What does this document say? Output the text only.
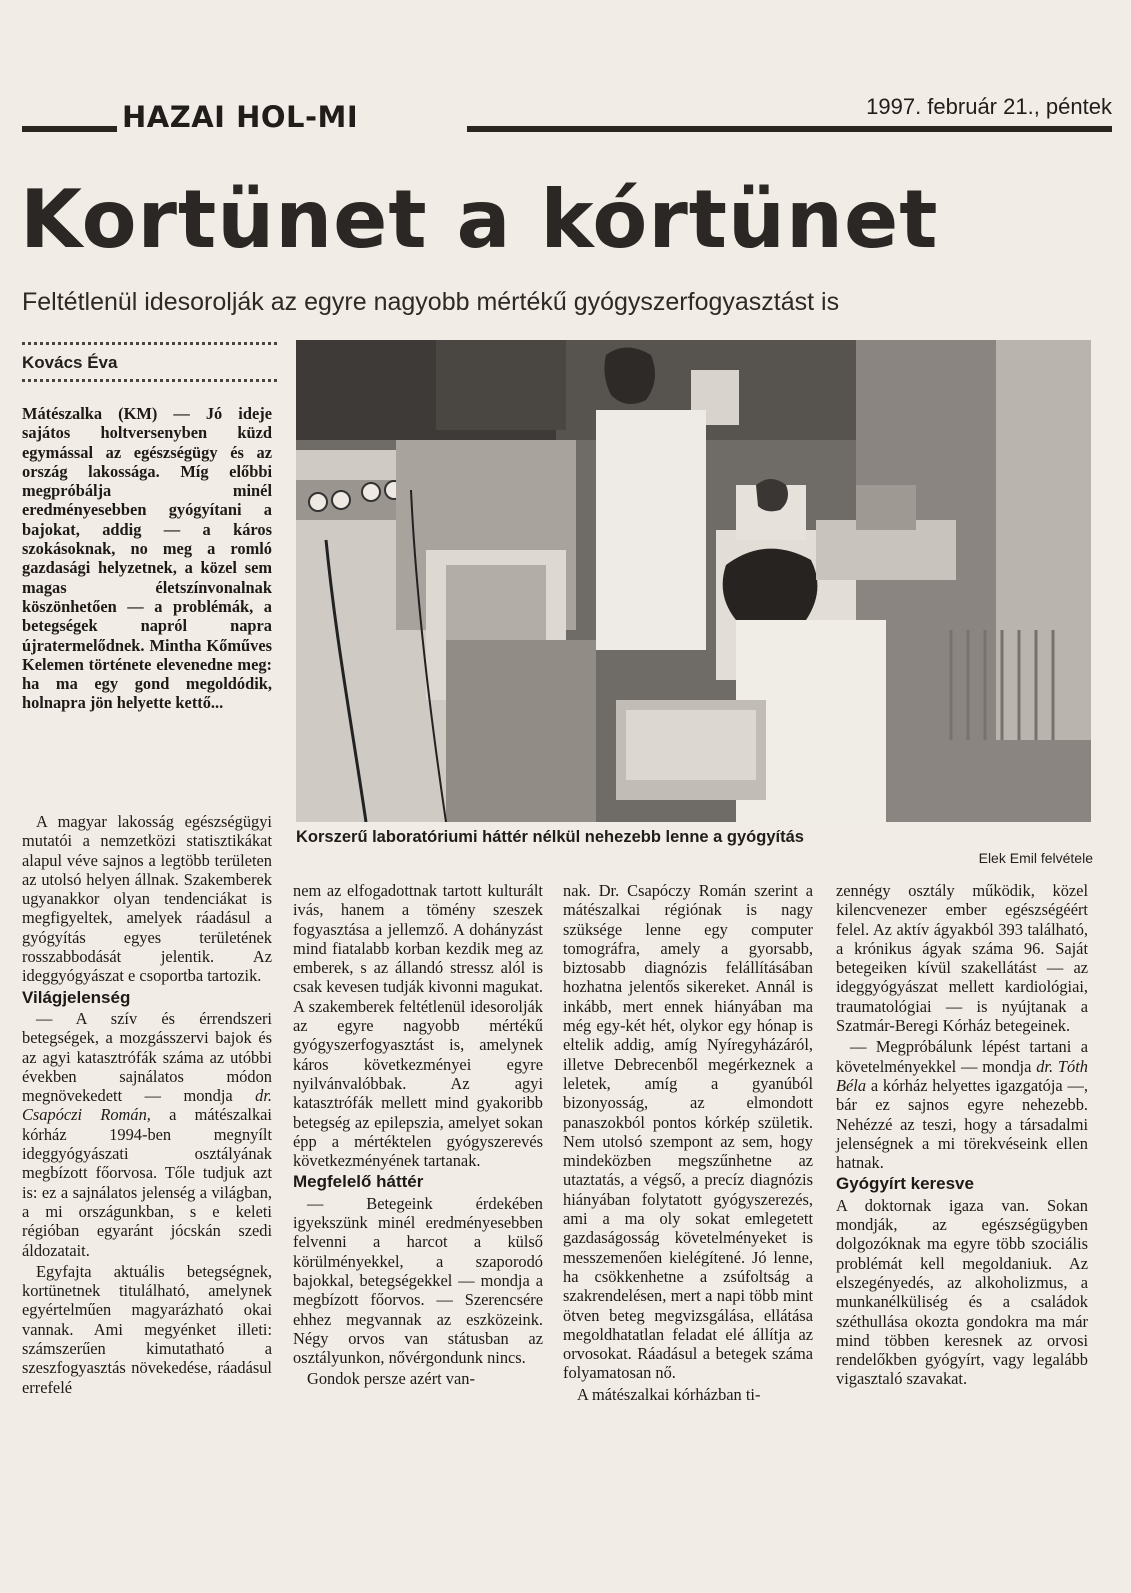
HAZAI HOL-MI	1997. február 21., péntek
Kortünet a kórtünet
Feltétlenül idesorolják az egyre nagyobb mértékű gyógyszerfogyasztást is
Kovács Éva

Mátészalka (KM) — Jó ideje sajátos holtversenyben küzd egymással az egészségügy és az ország lakossága. Míg előbbi megpróbálja minél eredményesebben gyógyítani a bajokat, addig — a káros szokásoknak, no meg a romló gazdasági helyzetnek, a közel sem magas életszínvonalnak köszönhetően — a problémák, a betegségek napról napra újratermelődnek. Mintha Kőműves Kelemen története elevenedne meg: ha ma egy gond megoldódik, holnapra jön helyette kettő...

Korszerű laboratóriumi háttér nélkül nehezebb lenne a gyógyítás
Elek Emil felvétele

A magyar lakosság egészségügyi mutatói a nemzetközi statisztikákat alapul véve sajnos a legtöbb területen az utolsó helyen állnak. Szakemberek ugyanakkor olyan tendenciákat is megfigyeltek, amelyek ráadásul a gyógyítás egyes területének rosszabbodását jelentik. Az ideggyógyászat e csoportba tartozik.

Világjelenség

— A szív és érrendszeri betegségek, a mozgásszervi bajok és az agyi katasztrófák száma az utóbbi években sajnálatos módon megnövekedett — mondja dr. Csapóczi Román, a mátészalkai kórház 1994-ben megnyílt ideggyógyászati osztályának megbízott főorvosa. Tőle tudjuk azt is: ez a sajnálatos jelenség a világban, a mi országunkban, s e keleti régióban egyaránt jócskán szedi áldozatait.

Egyfajta aktuális betegségnek, kortünetnek titulálható, amelynek egyértelműen magyarázható okai vannak. Ami megyénket illeti: számszerűen kimutatható a szeszfogyasztás növekedése, ráadásul errefelé

nem az elfogadottnak tartott kulturált ivás, hanem a tömény szeszek fogyasztása a jellemző. A dohányzást mind fiatalabb korban kezdik meg az emberek, s az állandó stressz alól is csak kevesen tudják kivonni magukat. A szakemberek feltétlenül idesorolják az egyre nagyobb mértékű gyógyszerfogyasztást is, amelynek káros következményei egyre nyilvánvalóbbak. Az agyi katasztrófák mellett mind gyakoribb betegség az epilepszia, amelyet sokan épp a mértéktelen gyógyszerevés következményének tartanak.

Megfelelő háttér

— Betegeink érdekében igyekszünk minél eredményesebben felvenni a harcot a külső körülményekkel, a szaporodó bajokkal, betegségekkel — mondja a megbízott főorvos. — Szerencsére ehhez megvannak az eszközeink. Négy orvos van státusban az osztályunkon, nővérgondunk nincs.

Gondok persze azért van-

nak. Dr. Csapóczy Román szerint a mátészalkai régiónak is nagy szüksége lenne egy computer tomográfra, amely a gyorsabb, biztosabb diagnózis felállításában hozhatna jelentős sikereket. Annál is inkább, mert ennek hiányában ma még egy-két hét, olykor egy hónap is eltelik addig, amíg Nyíregyházáról, illetve Debrecenből megérkeznek a leletek, amíg a gyanúból bizonyosság, az elmondott panaszokból pontos kórkép születik. Nem utolsó szempont az sem, hogy mindeközben megszűnhetne az utaztatás, a végső, a precíz diagnózis hiányában folytatott gyógyszerezés, ami a ma oly sokat emlegetett gazdaságosság követelményeket is messzemenően kielégítené. Jó lenne, ha csökkenhetne a zsúfoltság a szakrendelésen, mert a napi több mint ötven beteg megvizsgálása, ellátása megoldhatatlan feladat elé állítja az orvosokat. Ráadásul a betegek száma folyamatosan nő.

A mátészalkai kórházban ti-

zennégy osztály működik, közel kilencvenezer ember egészségéért felel. Az aktív ágyakból 393 található, a krónikus ágyak száma 96. Saját betegeiken kívül szakellátást — az ideggyógyászat mellett kardiológiai, traumatológiai — is nyújtanak a Szatmár-Beregi Kórház betegeinek.

— Megpróbálunk lépést tartani a követelményekkel — mondja dr. Tóth Béla a kórház helyettes igazgatója —, bár ez sajnos egyre nehezebb. Nehézzé az teszi, hogy a társadalmi jelenségnek a mi törekvéseink ellen hatnak.

Gyógyírt keresve

A doktornak igaza van. Sokan mondják, az egészségügyben dolgozóknak ma egyre több szociális problémát kell megoldaniuk. Az elszegényedés, az alkoholizmus, a munkanélküliség és a családok széthullása okozta gondokra ma már mind többen keresnek az orvosi rendelőkben gyógyírt, vagy legalább vigasztaló szavakat.
